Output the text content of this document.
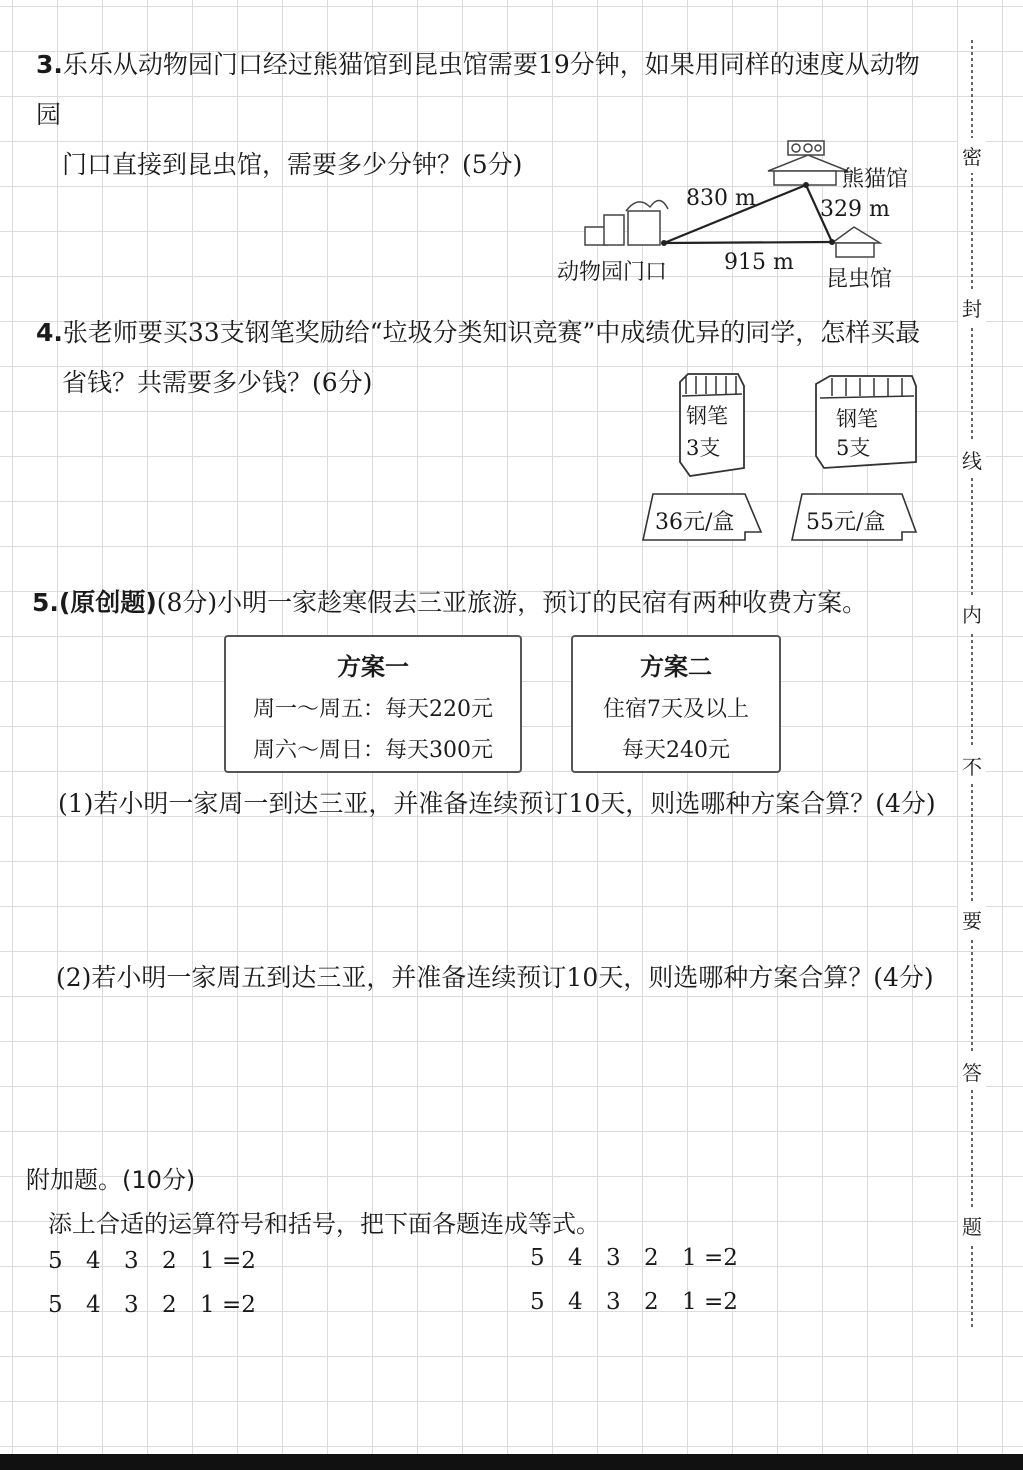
密
封
线
内
不
要
答
题
3.乐乐从动物园门口经过熊猫馆到昆虫馆需要19分钟，如果用同样的速度从动物园
门口直接到昆虫馆，需要多少分钟？(5分)
830 m	329 m
915 m
动物园门口
熊猫馆
昆虫馆
4.张老师要买33支钢笔奖励给“垃圾分类知识竞赛”中成绩优异的同学，怎样买最
省钱？共需要多少钱？(6分)
钢笔
3支
钢笔
5支
36元/盒	55元/盒
5.(原创题)(8分)小明一家趁寒假去三亚旅游，预订的民宿有两种收费方案。
方案一
周一～周五：每天220元
周六～周日：每天300元
方案二
住宿7天及以上
每天240元
(1)若小明一家周一到达三亚，并准备连续预订10天，则选哪种方案合算？(4分)
(2)若小明一家周五到达三亚，并准备连续预订10天，则选哪种方案合算？(4分)
附加题。(10分)
添上合适的运算符号和括号，把下面各题连成等式。
5	4	3	2	1 =2
5	4	3	2	1 =2
5	4	3	2	1 =2
5	4	3	2	1 =2
